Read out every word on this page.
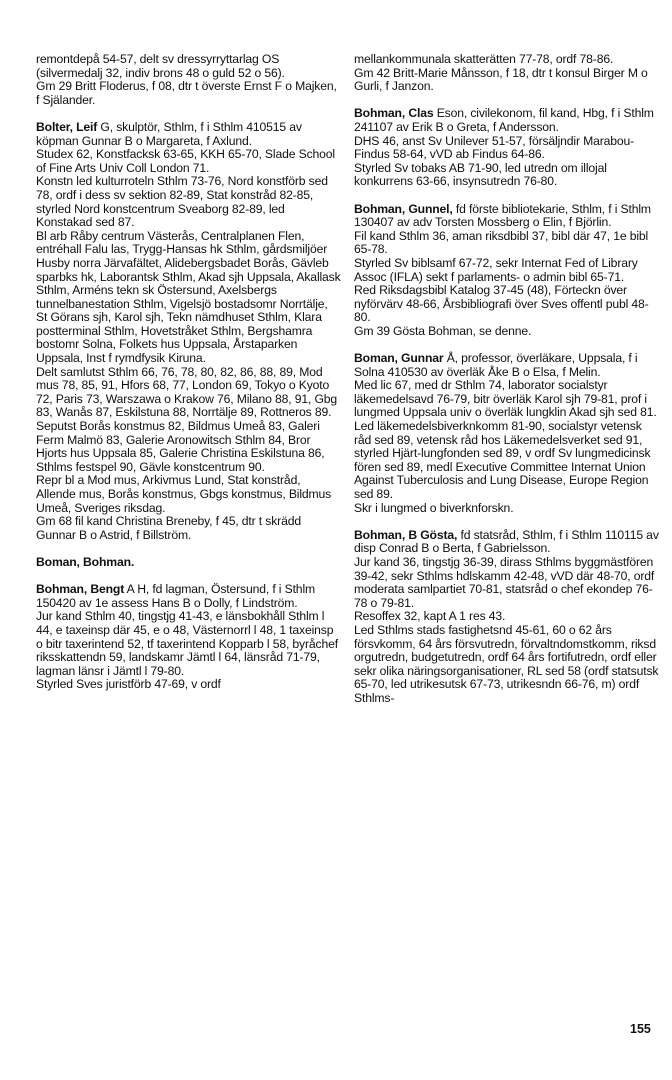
remontdepå 54-57, delt sv dressyrryttarlag OS (silvermedalj 32, indiv brons 48 o guld 52 o 56).

Gm 29 Britt Floderus, f 08, dtr t överste Ernst F o Majken, f Själander.

Bolter, Leif G, skulptör, Sthlm, f i Sthlm 410515 av köpman Gunnar B o Margareta, f Axlund.

Studex 62, Konstfacksk 63-65, KKH 65-70, Slade School of Fine Arts Univ Coll London 71.

Konstn led kulturroteln Sthlm 73-76, Nord konstförb sed 78, ordf i dess sv sektion 82-89, Stat konstråd 82-85, styrled Nord konstcentrum Sveaborg 82-89, led Konstakad sed 87.

Bl arb Råby centrum Västerås, Centralplanen Flen, entréhall Falu las, Trygg-Hansas hk Sthlm, gårdsmiljöer Husby norra Järvafältet, Alidebergsbadet Borås, Gävleb sparbks hk, Laborantsk Sthlm, Akad sjh Uppsala, Akallask Sthlm, Arméns tekn sk Östersund, Axelsbergs tunnelbanestation Sthlm, Vigelsjö bostadsomr Norrtälje, St Görans sjh, Karol sjh, Tekn nämdhuset Sthlm, Klara postterminal Sthlm, Hovetstråket Sthlm, Bergshamra bostomr Solna, Folkets hus Uppsala, Årstaparken Uppsala, Inst f rymdfysik Kiruna.

Delt samlutst Sthlm 66, 76, 78, 80, 82, 86, 88, 89, Mod mus 78, 85, 91, Hfors 68, 77, London 69, Tokyo o Kyoto 72, Paris 73, Warszawa o Krakow 76, Milano 88, 91, Gbg 83, Wanås 87, Eskilstuna 88, Norrtälje 89, Rottneros 89.

Seputst Borås konstmus 82, Bildmus Umeå 83, Galeri Ferm Malmö 83, Galerie Aronowitsch Sthlm 84, Bror Hjorts hus Uppsala 85, Galerie Christina Eskilstuna 86, Sthlms festspel 90, Gävle konstcentrum 90.

Repr bl a Mod mus, Arkivmus Lund, Stat konstråd, Allende mus, Borås konstmus, Gbgs konstmus, Bildmus Umeå, Sveriges riksdag.

Gm 68 fil kand Christina Breneby, f 45, dtr t skrädd Gunnar B o Astrid, f Billström.

Boman, Bohman.

Bohman, Bengt A H, fd lagman, Östersund, f i Sthlm 150420 av 1e assess Hans B o Dolly, f Lindström.

Jur kand Sthlm 40, tingstjg 41-43, e länsbokhåll Sthlm l 44, e taxeinsp där 45, e o 48, Västernorrl l 48, 1 taxeinsp o bitr taxerintend 52, tf taxerintend Kopparb l 58, byråchef riksskattendn 59, landskamr Jämtl l 64, länsråd 71-79, lagman länsr i Jämtl l 79-80.

Styrled Sves juristförb 47-69, v ordf

mellankommunala skatterätten 77-78, ordf 78-86.

Gm 42 Britt-Marie Månsson, f 18, dtr t konsul Birger M o Gurli, f Janzon.

Bohman, Clas Eson, civilekonom, fil kand, Hbg, f i Sthlm 241107 av Erik B o Greta, f Andersson.

DHS 46, anst Sv Unilever 51-57, försäljndir Marabou-Findus 58-64, vVD ab Findus 64-86.

Styrled Sv tobaks AB 71-90, led utredn om illojal konkurrens 63-66, insynsutredn 76-80.

Bohman, Gunnel, fd förste bibliotekarie, Sthlm, f i Sthlm 130407 av adv Torsten Mossberg o Elin, f Björlin.

Fil kand Sthlm 36, aman riksdbibl 37, bibl där 47, 1e bibl 65-78.

Styrled Sv biblsamf 67-72, sekr Internat Fed of Library Assoc (IFLA) sekt f parlaments- o admin bibl 65-71.

Red Riksdagsbibl Katalog 37-45 (48), Förteckn över nyförvärv 48-66, Årsbibliografi över Sves offentl publ 48-80.

Gm 39 Gösta Bohman, se denne.

Boman, Gunnar Å, professor, överläkare, Uppsala, f i Solna 410530 av överläk Åke B o Elsa, f Melin.

Med lic 67, med dr Sthlm 74, laborator socialstyr läkemedelsavd 76-79, bitr överläk Karol sjh 79-81, prof i lungmed Uppsala univ o överläk lungklin Akad sjh sed 81.

Led läkemedelsbiverknkomm 81-90, socialstyr vetensk råd sed 89, vetensk råd hos Läkemedelsverket sed 91, styrled Hjärt-lungfonden sed 89, v ordf Sv lungmedicinsk fören sed 89, medl Executive Committee Internat Union Against Tuberculosis and Lung Disease, Europe Region sed 89.

Skr i lungmed o biverknforskn.

Bohman, B Gösta, fd statsråd, Sthlm, f i Sthlm 110115 av disp Conrad B o Berta, f Gabrielsson.

Jur kand 36, tingstjg 36-39, dirass Sthlms byggmästfören 39-42, sekr Sthlms hdlskamm 42-48, vVD där 48-70, ordf moderata samlpartiet 70-81, statsråd o chef ekondep 76-78 o 79-81.

Resoffex 32, kapt A 1 res 43.

Led Sthlms stads fastighetsnd 45-61, 60 o 62 års försvkomm, 64 års försvutredn, förvaltndomstkomm, riksd orgutredn, budgetutredn, ordf 64 års fortifutredn, ordf eller sekr olika näringsorganisationer, RL sed 58 (ordf statsutsk 65-70, led utrikesutsk 67-73, utrikesndn 66-76, m) ordf Sthlms-

155
